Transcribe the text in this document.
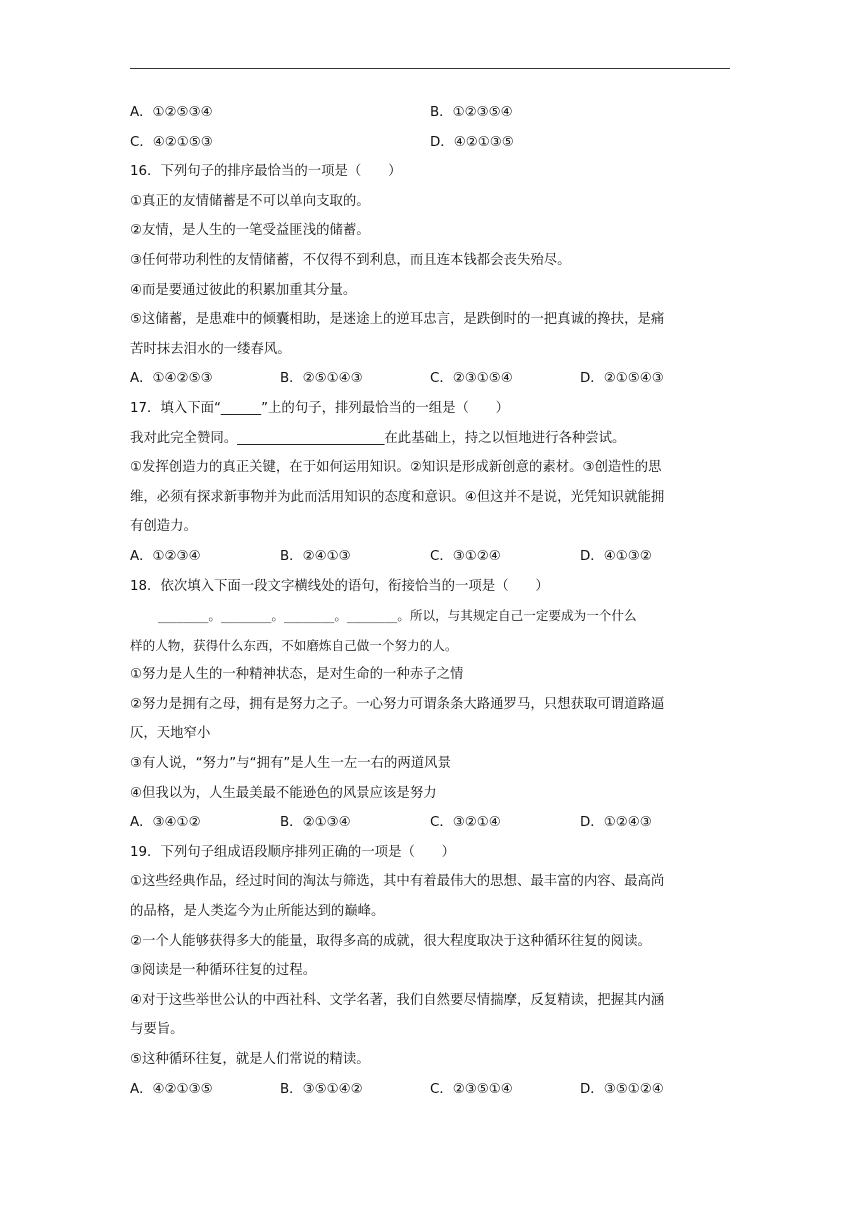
A．①②⑤③④	B．①②③⑤④
C．④②①⑤③	D．④②①③⑤
16．下列句子的排序最恰当的一项是（　　）
①真正的友情储蓄是不可以单向支取的。
②友情，是人生的一笔受益匪浅的储蓄。
③任何带功利性的友情储蓄，不仅得不到利息，而且连本钱都会丧失殆尽。
④而是要通过彼此的积累加重其分量。
⑤这储蓄，是患难中的倾囊相助，是迷途上的逆耳忠言，是跌倒时的一把真诚的搀扶，是痛
苦时抹去泪水的一缕春风。
A．①④②⑤③	B．②⑤①④③	C．②③①⑤④	D．②①⑤④③
17．填入下面“______”上的句子，排列最恰当的一组是（　　）
我对此完全赞同。______________________在此基础上，持之以恒地进行各种尝试。
①发挥创造力的真正关键，在于如何运用知识。②知识是形成新创意的素材。③创造性的思
维，必须有探求新事物并为此而活用知识的态度和意识。④但这并不是说，光凭知识就能拥
有创造力。
A．①②③④	B．②④①③	C．③①②④	D．④①③②
18．依次填入下面一段文字横线处的语句，衔接恰当的一项是（　　）
________。________。________。________。所以，与其规定自己一定要成为一个什么
样的人物，获得什么东西，不如磨炼自己做一个努力的人。
①努力是人生的一种精神状态，是对生命的一种赤子之情
②努力是拥有之母，拥有是努力之子。一心努力可谓条条大路通罗马，只想获取可谓道路逼
仄，天地窄小
③有人说，“努力”与“拥有”是人生一左一右的两道风景
④但我以为，人生最美最不能逊色的风景应该是努力
A．③④①②	B．②①③④	C．③②①④	D．①②④③
19．下列句子组成语段顺序排列正确的一项是（　　）
①这些经典作品，经过时间的淘汰与筛选，其中有着最伟大的思想、最丰富的内容、最高尚
的品格，是人类迄今为止所能达到的巅峰。
②一个人能够获得多大的能量，取得多高的成就，很大程度取决于这种循环往复的阅读。
③阅读是一种循环往复的过程。
④对于这些举世公认的中西社科、文学名著，我们自然要尽情揣摩，反复精读，把握其内涵
与要旨。
⑤这种循环往复，就是人们常说的精读。
A．④②①③⑤	B．③⑤①④②	C．②③⑤①④	D．③⑤①②④
